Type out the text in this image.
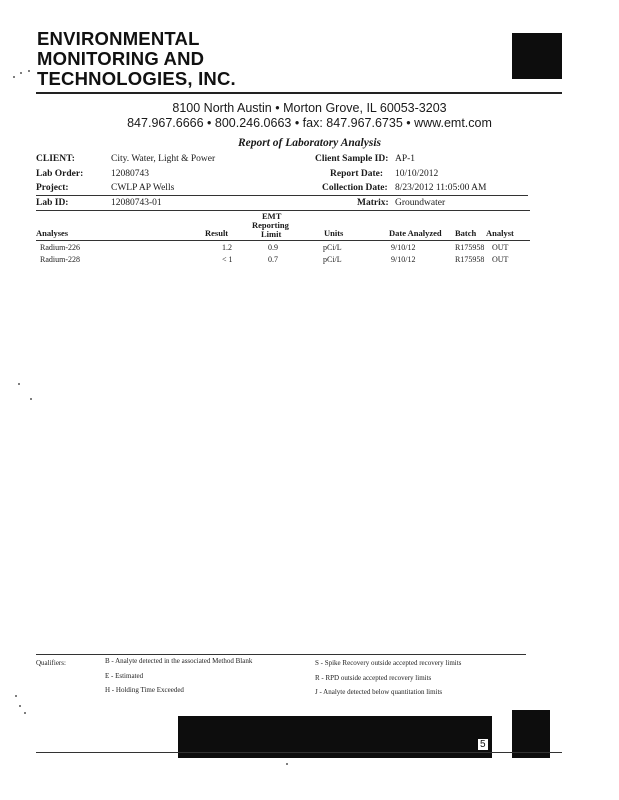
ENVIRONMENTAL
MONITORING AND
TECHNOLOGIES, INC.
8100 North Austin • Morton Grove, IL 60053-3203
847.967.6666 • 800.246.0663 • fax: 847.967.6735 • www.emt.com
Report of Laboratory Analysis
CLIENT:	City. Water, Light & Power
Lab Order:	12080743
Project:	CWLP AP Wells
Lab ID:	12080743-01
Client Sample ID: AP-1
Report Date: 10/10/2012
Collection Date: 8/23/2012 11:05:00 AM
Matrix: Groundwater
Analyses	Result
EMT
Reporting
Limit	Units	Date Analyzed Batch Analyst
Radium-226	1.2	0.9	pCi/L	9/10/12	R175958 OUT
Radium-228	< 1	0.7	pCi/L	9/10/12	R175958 OUT
Qualifiers:	B - Analyte detected in the associated Method Blank
E - Estimated
H - Holding Time Exceeded
S - Spike Recovery outside accepted recovery limits
R - RPD outside accepted recovery limits
J - Analyte detected below quantitation limits
5
